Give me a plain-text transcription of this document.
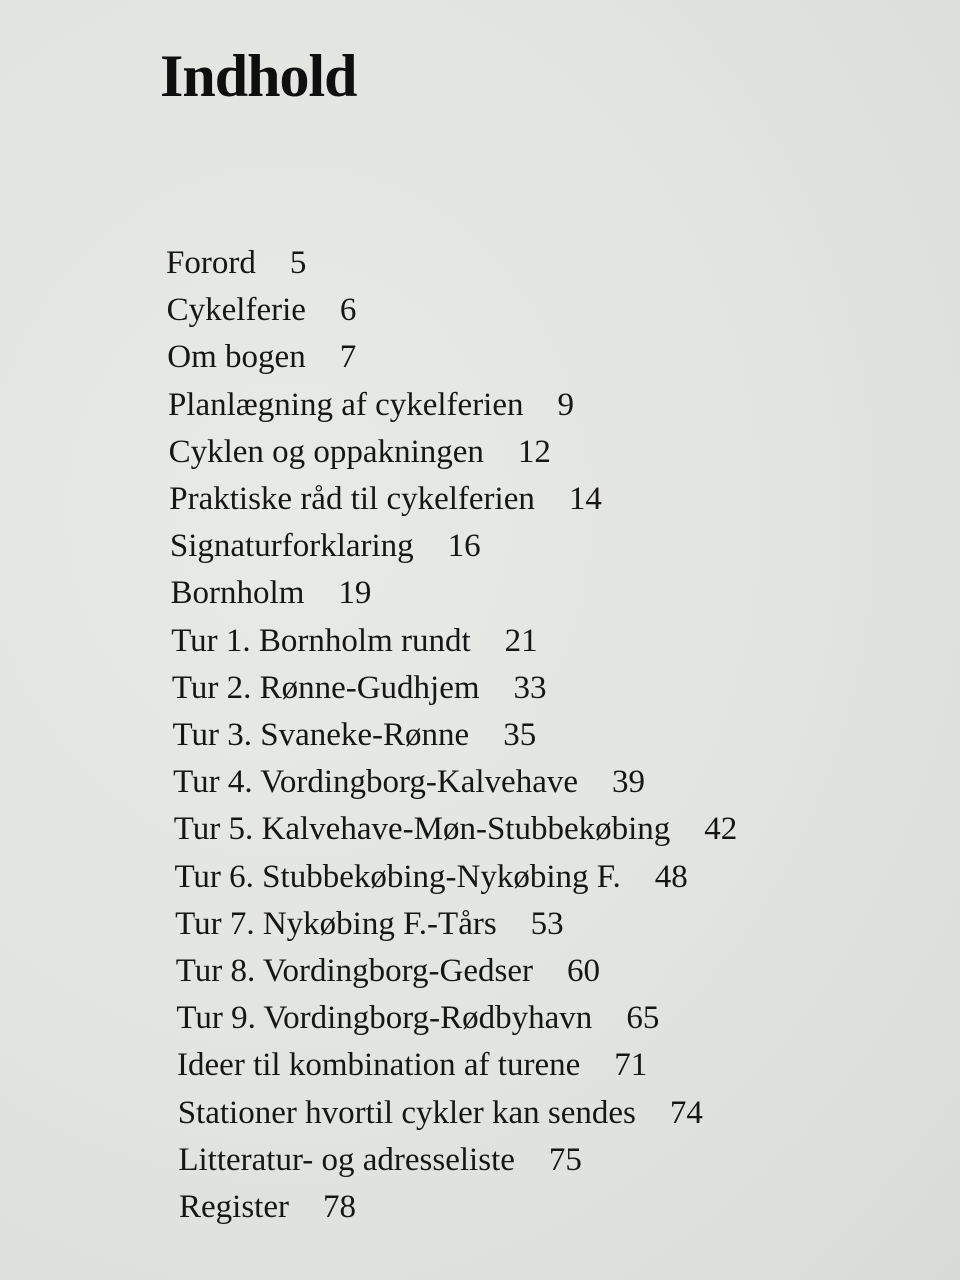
Indhold
Forord 5
Cykelferie 6
Om bogen 7
Planlægning af cykelferien 9
Cyklen og oppakningen 12
Praktiske råd til cykelferien 14
Signaturforklaring 16
Bornholm 19
Tur 1. Bornholm rundt 21
Tur 2. Rønne-Gudhjem 33
Tur 3. Svaneke-Rønne 35
Tur 4. Vordingborg-Kalvehave 39
Tur 5. Kalvehave-Møn-Stubbekøbing 42
Tur 6. Stubbekøbing-Nykøbing F. 48
Tur 7. Nykøbing F.-Tårs 53
Tur 8. Vordingborg-Gedser 60
Tur 9. Vordingborg-Rødbyhavn 65
Ideer til kombination af turene 71
Stationer hvortil cykler kan sendes 74
Litteratur- og adresseliste 75
Register 78
